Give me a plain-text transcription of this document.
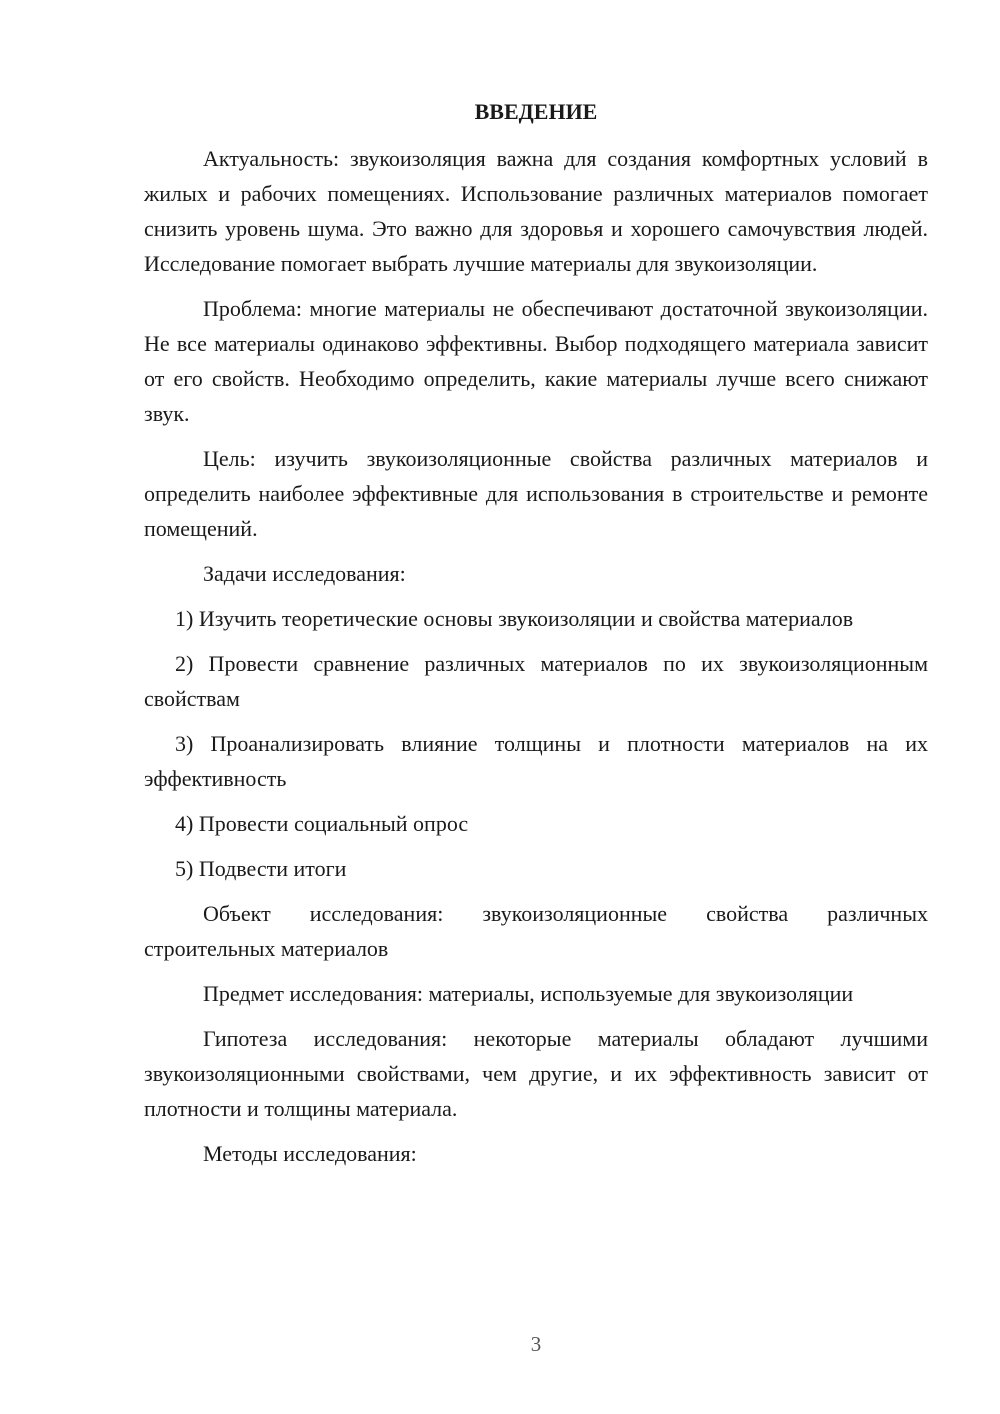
ВВЕДЕНИЕ

Актуальность: звукоизоляция важна для создания комфортных условий в жилых и рабочих помещениях. Использование различных материалов помогает снизить уровень шума. Это важно для здоровья и хорошего самочувствия людей. Исследование помогает выбрать лучшие материалы для звукоизоляции.

Проблема: многие материалы не обеспечивают достаточной звукоизоляции. Не все материалы одинаково эффективны. Выбор подходящего материала зависит от его свойств. Необходимо определить, какие материалы лучше всего снижают звук.

Цель: изучить звукоизоляционные свойства различных материалов и определить наиболее эффективные для использования в строительстве и ремонте помещений.

Задачи исследования:

1) Изучить теоретические основы звукоизоляции и свойства материалов

2) Провести сравнение различных материалов по их звукоизоляционным свойствам

3) Проанализировать влияние толщины и плотности материалов на их эффективность

4) Провести социальный опрос

5) Подвести итоги

Объект исследования: звукоизоляционные свойства различных строительных материалов

Предмет исследования: материалы, используемые для звукоизоляции

Гипотеза исследования: некоторые материалы обладают лучшими звукоизоляционными свойствами, чем другие, и их эффективность зависит от плотности и толщины материала.

Методы исследования:

3
